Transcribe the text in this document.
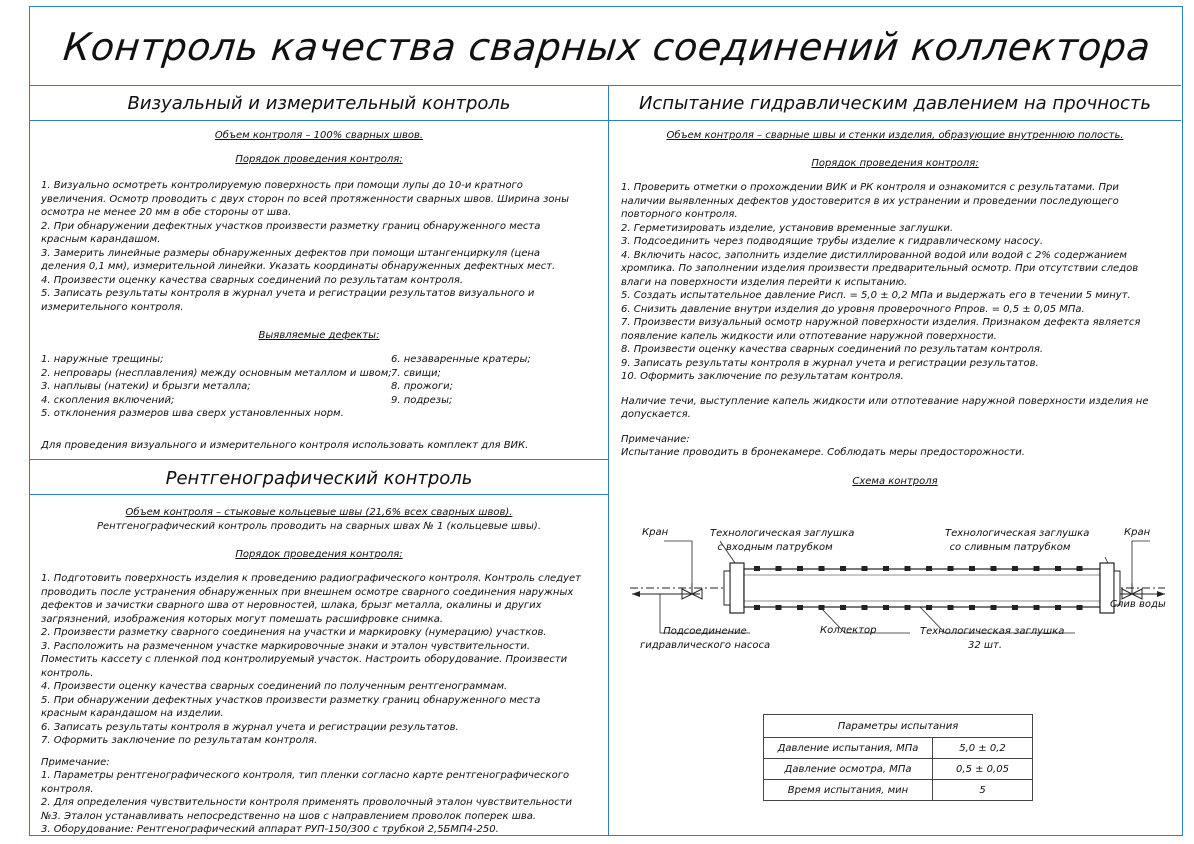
Контроль качества сварных соединений коллектора
Визуальный и измерительный контроль
Объем контроля – 100% сварных швов.
Порядок проведения контроля:

1. Визуально осмотреть контролируемую поверхность при помощи лупы до 10-и кратного увеличения. Осмотр проводить с двух сторон по всей протяженности сварных швов. Ширина зоны осмотра не менее 20 мм в обе стороны от шва.

2. При обнаружении дефектных участков произвести разметку границ обнаруженного места красным карандашом.

3. Замерить линейные размеры обнаруженных дефектов при помощи штангенциркуля (цена деления 0,1 мм), измерительной линейки. Указать координаты обнаруженных дефектных мест.

4. Произвести оценку качества сварных соединений по результатам контроля.

5. Записать результаты контроля в журнал учета и регистрации результатов визуального и измерительного контроля.

Выявляемые дефекты:

1. наружные трещины;

2. непровары (несплавления) между основным металлом и швом;

3. наплывы (натеки) и брызги металла;

4. скопления включений;

5. отклонения размеров шва сверх установленных норм.

6. незаваренные кратеры;

7. свищи;

8. прожоги;

9. подрезы;

Для проведения визуального и измерительного контроля использовать комплект для ВИК.
Рентгенографический контроль
Объем контроля – стыковые кольцевые швы (21,6% всех сварных швов).
Рентгенографический контроль проводить на сварных швах № 1 (кольцевые швы).
Порядок проведения контроля:

1. Подготовить поверхность изделия к проведению радиографического контроля. Контроль следует проводить после устранения обнаруженных при внешнем осмотре сварного соединения наружных дефектов и зачистки сварного шва от неровностей, шлака, брызг металла, окалины и других загрязнений, изображения которых могут помешать расшифровке снимка.

2. Произвести разметку сварного соединения на участки и маркировку (нумерацию) участков.

3. Расположить на размеченном участке маркировочные знаки и эталон чувствительности. Поместить кассету с пленкой под контролируемый участок. Настроить оборудование. Произвести контроль.

4. Произвести оценку качества сварных соединений по полученным рентгенограммам.

5. При обнаружении дефектных участков произвести разметку границ обнаруженного места красным карандашом на изделии.

6. Записать результаты контроля в журнал учета и регистрации результатов.

7. Оформить заключение по результатам контроля.

Примечание:

1. Параметры рентгенографического контроля, тип пленки согласно карте рентгенографического контроля.

2. Для определения чувствительности контроля применять проволочный эталон чувствительности №3. Эталон устанавливать непосредственно на шов с направлением проволок поперек шва.

3. Оборудование: Рентгенографический аппарат РУП-150/300 с трубкой 2,5БМП4-250.

Испытание гидравлическим давлением на прочность
Объем контроля – сварные швы и стенки изделия, образующие внутреннюю полость.
Порядок проведения контроля:

1. Проверить отметки о прохождении ВИК и РК контроля и ознакомится с результатами. При наличии выявленных дефектов удостоверится в их устранении и проведении последующего повторного контроля.

2. Герметизировать изделие, установив временные заглушки.

3. Подсоединить через подводящие трубы изделие к гидравлическому насосу.

4. Включить насос, заполнить изделие дистиллированной водой или водой с 2% содержанием хромпика. По заполнении изделия произвести предварительный осмотр. При отсутствии следов влаги на поверхности изделия перейти к испытанию.

5. Создать испытательное давление Pисп. = 5,0 ± 0,2 МПа и выдержать его в течении 5 минут.

6. Снизить давление внутри изделия до уровня проверочного Pпров. = 0,5 ± 0,05 МПа.

7. Произвести визуальный осмотр наружной поверхности изделия. Признаком дефекта является появление капель жидкости или отпотевание наружной поверхности.

8. Произвести оценку качества сварных соединений по результатам контроля.

9. Записать результаты контроля в журнал учета и регистрации результатов.

10. Оформить заключение по результатам контроля.

Наличие течи, выступление капель жидкости или отпотевание наружной поверхности изделия не допускается.

Примечание:

Испытание проводить в бронекамере. Соблюдать меры предосторожности.

Схема контроля
Кран	Технологическая заглушка
с входным патрубком
Технологическая заглушка
со сливным патрубком
Кран
Слив воды
Подсоединение
гидравлического насоса
Коллектор	Технологическая заглушка
32 шт.
Параметры испытания	
Давление испытания, МПа	5,0 ± 0,2
Давление осмотра, МПа	0,5 ± 0,05
Время испытания, мин	5
